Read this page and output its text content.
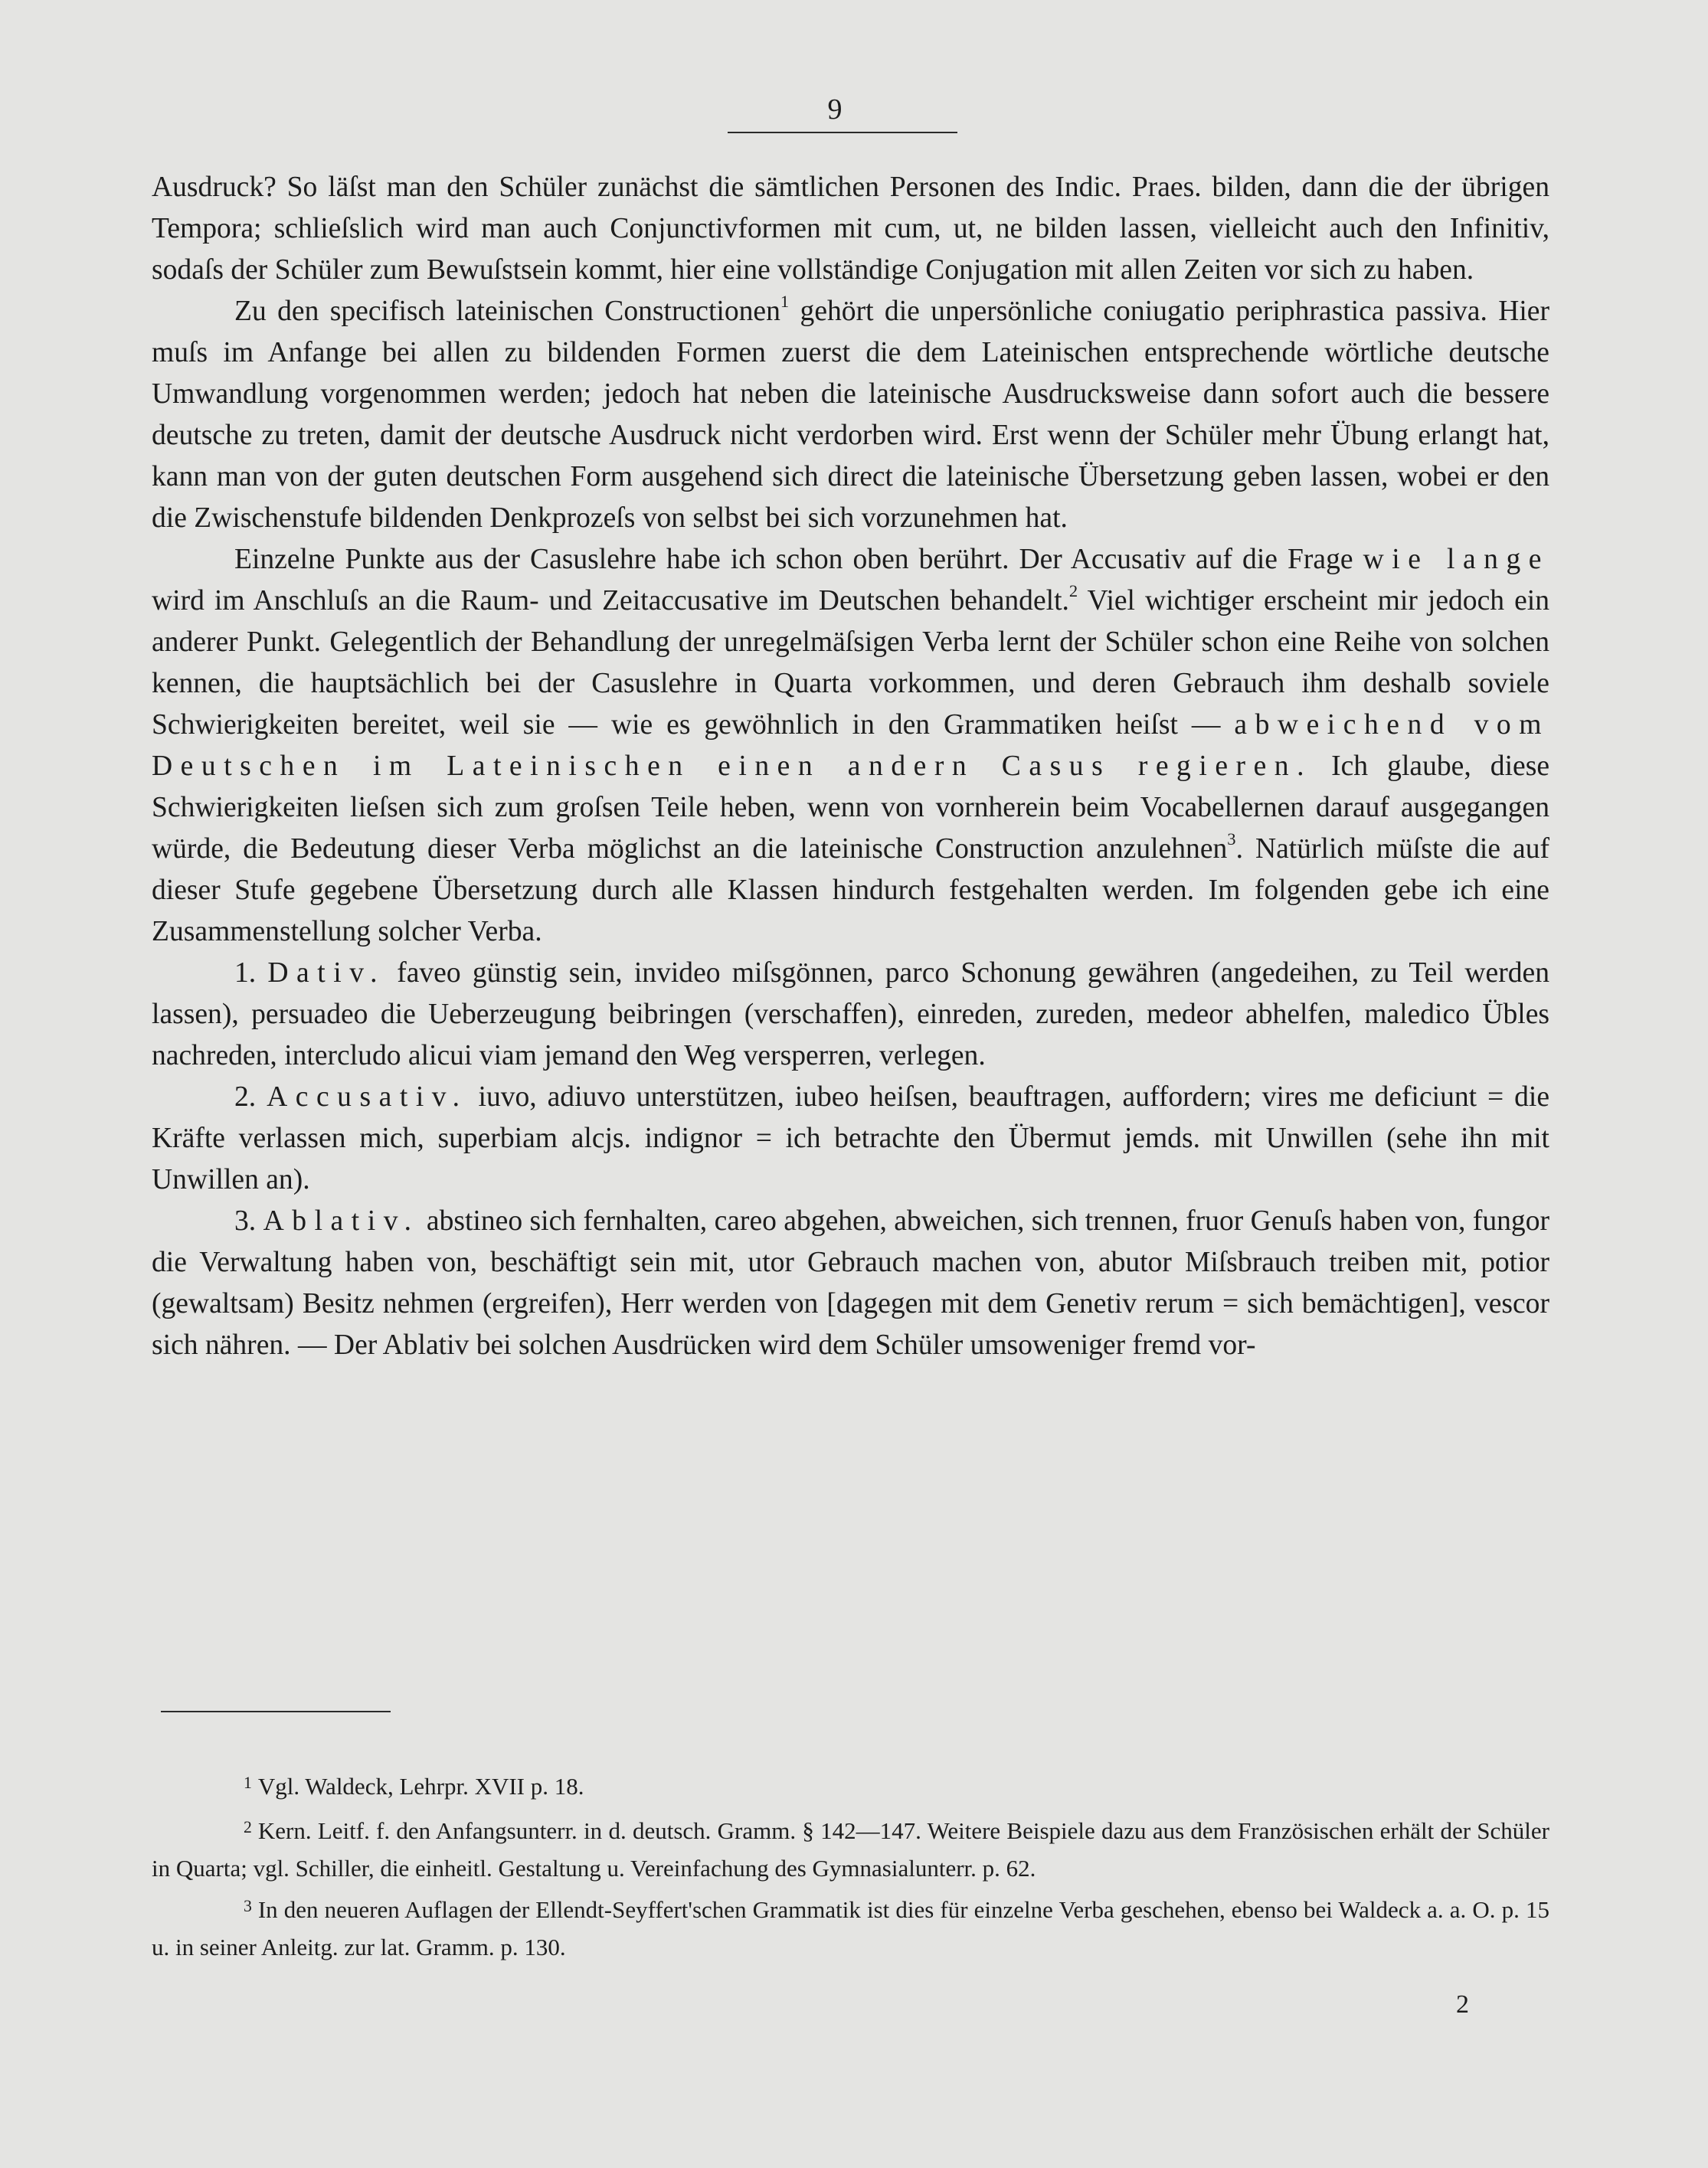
9

Ausdruck? So läſst man den Schüler zunächst die sämtlichen Personen des Indic. Praes. bilden, dann die der übrigen Tempora; schlieſslich wird man auch Conjunctivformen mit cum, ut, ne bilden lassen, vielleicht auch den Infinitiv, sodaſs der Schüler zum Bewuſstsein kommt, hier eine vollständige Conjugation mit allen Zeiten vor sich zu haben.

Zu den specifisch lateinischen Constructionen$^1$ gehört die unpersönliche coniugatio periphrastica passiva. Hier muſs im Anfange bei allen zu bildenden Formen zuerst die dem Lateinischen entsprechende wörtliche deutsche Umwandlung vorgenommen werden; jedoch hat neben die lateinische Ausdrucksweise dann sofort auch die bessere deutsche zu treten, damit der deutsche Ausdruck nicht verdorben wird. Erst wenn der Schüler mehr Übung erlangt hat, kann man von der guten deutschen Form ausgehend sich direct die lateinische Übersetzung geben lassen, wobei er den die Zwischenstufe bildenden Denkprozeſs von selbst bei sich vorzunehmen hat.

Einzelne Punkte aus der Casuslehre habe ich schon oben berührt. Der Accusativ auf die Frage wie lange wird im Anschluſs an die Raum- und Zeitaccusative im Deutschen behandelt.$^2$ Viel wichtiger erscheint mir jedoch ein anderer Punkt. Gelegentlich der Behandlung der unregelmäſsigen Verba lernt der Schüler schon eine Reihe von solchen kennen, die hauptsächlich bei der Casuslehre in Quarta vorkommen, und deren Gebrauch ihm deshalb soviele Schwierigkeiten bereitet, weil sie — wie es gewöhnlich in den Grammatiken heiſst — abweichend vom Deutschen im Lateinischen einen andern Casus regieren. Ich glaube, diese Schwierigkeiten lieſsen sich zum groſsen Teile heben, wenn von vornherein beim Vocabellernen darauf ausgegangen würde, die Bedeutung dieser Verba möglichst an die lateinische Construction anzulehnen$^3$. Natürlich müſste die auf dieser Stufe gegebene Übersetzung durch alle Klassen hindurch festgehalten werden. Im folgenden gebe ich eine Zusammenstellung solcher Verba.

1. Dativ. faveo günstig sein, invideo miſsgönnen, parco Schonung gewähren (angedeihen, zu Teil werden lassen), persuadeo die Ueberzeugung beibringen (verschaffen), einreden, zureden, medeor abhelfen, maledico Übles nachreden, intercludo alicui viam jemand den Weg versperren, verlegen.

2. Accusativ. iuvo, adiuvo unterstützen, iubeo heiſsen, beauftragen, auffordern; vires me deficiunt = die Kräfte verlassen mich, superbiam alcjs. indignor = ich betrachte den Übermut jemds. mit Unwillen (sehe ihn mit Unwillen an).

3. Ablativ. abstineo sich fernhalten, careo abgehen, abweichen, sich trennen, fruor Genuſs haben von, fungor die Verwaltung haben von, beschäftigt sein mit, utor Gebrauch machen von, abutor Miſsbrauch treiben mit, potior (gewaltsam) Besitz nehmen (ergreifen), Herr werden von [dagegen mit dem Genetiv rerum = sich bemächtigen], vescor sich nähren. — Der Ablativ bei solchen Ausdrücken wird dem Schüler umsoweniger fremd vor-

$^1$ Vgl. Waldeck, Lehrpr. XVII p. 18.

$^2$ Kern. Leitf. f. den Anfangsunterr. in d. deutsch. Gramm. § 142—147. Weitere Beispiele dazu aus dem Französischen erhält der Schüler in Quarta; vgl. Schiller, die einheitl. Gestaltung u. Vereinfachung des Gymnasialunterr. p. 62.

$^3$ In den neueren Auflagen der Ellendt-Seyffert'schen Grammatik ist dies für einzelne Verba geschehen, ebenso bei Waldeck a. a. O. p. 15 u. in seiner Anleitg. zur lat. Gramm. p. 130.

2
